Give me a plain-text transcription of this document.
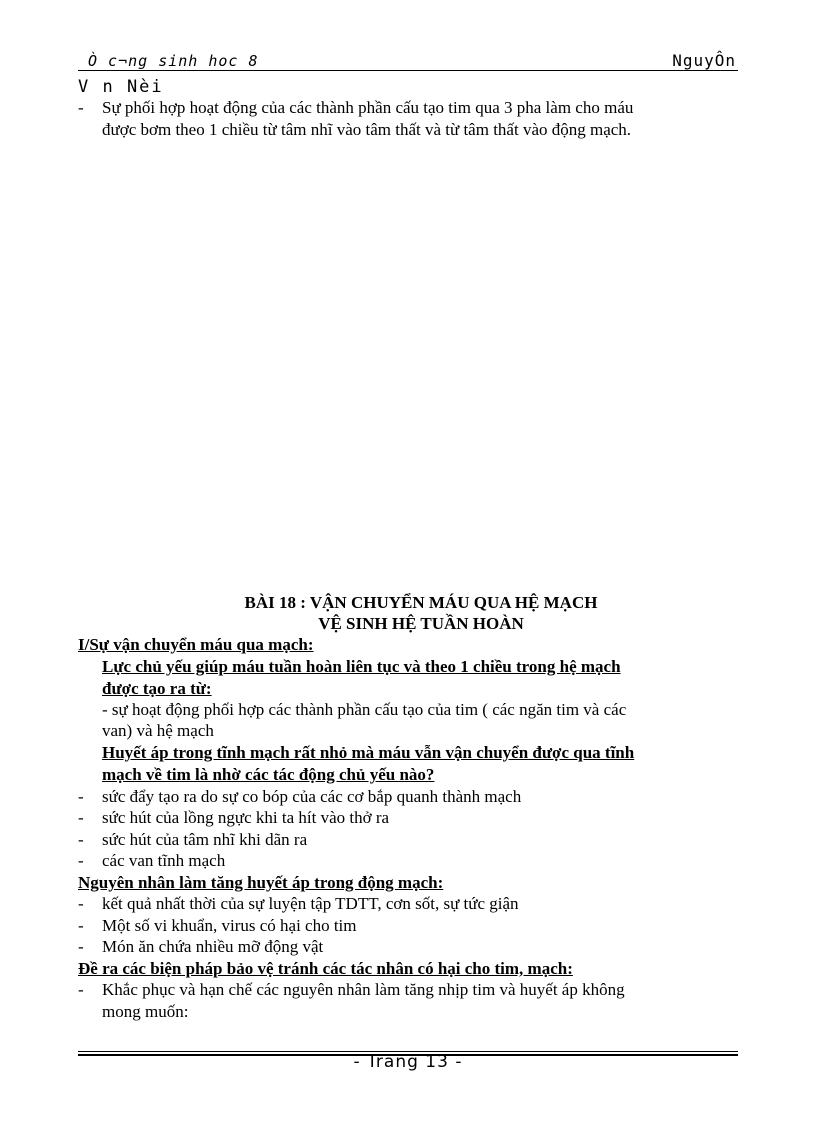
Ò c¬ng sinh hoc 8	NguyÔn
V n Nèi
- Sự phối hợp hoạt động của các thành phần cấu tạo tim qua 3 pha làm cho máu
được bơm theo 1 chiều từ tâm nhĩ vào tâm thất và từ tâm thất vào động mạch.
BÀI 18 : VẬN CHUYỂN MÁU QUA HỆ MẠCH
VỆ SINH HỆ TUẦN HOÀN
I/Sự vận chuyển máu qua mạch:
Lực chủ yếu giúp máu tuần hoàn liên tục và theo 1 chiều trong hệ mạch
được tạo ra từ:
- sự hoạt động phối hợp các thành phần cấu tạo của tim ( các ngăn tim và các
van) và hệ mạch
Huyết áp trong tĩnh mạch rất nhỏ mà máu vẫn vận chuyển được qua tĩnh
mạch về tim là nhờ các tác động chủ yếu nào?
- sức đẩy tạo ra do sự co bóp của các cơ bắp quanh thành mạch
- sức hút của lồng ngực khi ta hít vào thở ra
- sức hút của tâm nhĩ khi dãn ra
- các van tĩnh mạch
Nguyên nhân làm tăng huyết áp trong động mạch:
- kết quả nhất thời của sự luyện tập TDTT, cơn sốt, sự tức giận
- Một số vi khuẩn, virus có hại cho tim
- Món ăn chứa nhiều mỡ động vật
Đề ra các biện pháp bảo vệ tránh các tác nhân có hại cho tim, mạch:
- Khắc phục và hạn chế các nguyên nhân làm tăng nhịp tim và huyết áp không
mong muốn:
- Trang 13 -
